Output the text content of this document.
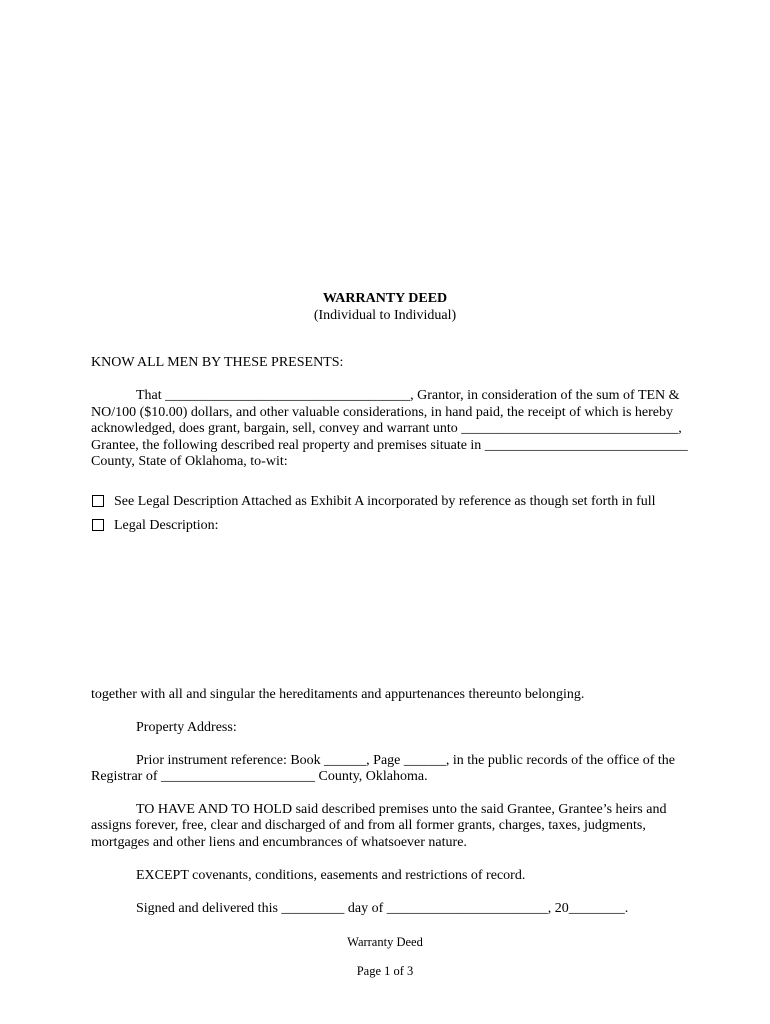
WARRANTY DEED
(Individual to Individual)
KNOW ALL MEN BY THESE PRESENTS:
That ___________________________________, Grantor, in consideration of the sum of TEN &
NO/100 ($10.00) dollars, and other valuable considerations, in hand paid, the receipt of which is hereby
acknowledged, does grant, bargain, sell, convey and warrant unto _______________________________,
Grantee, the following described real property and premises situate in _____________________________
County, State of Oklahoma, to-wit:
See Legal Description Attached as Exhibit A incorporated by reference as though set forth in full
Legal Description:
together with all and singular the hereditaments and appurtenances thereunto belonging.
Property Address:
Prior instrument reference: Book ______, Page ______, in the public records of the office of the
Registrar of ______________________ County, Oklahoma.
TO HAVE AND TO HOLD said described premises unto the said Grantee, Grantee’s heirs and
assigns forever, free, clear and discharged of and from all former grants, charges, taxes, judgments,
mortgages and other liens and encumbrances of whatsoever nature.
EXCEPT covenants, conditions, easements and restrictions of record.
Signed and delivered this _________ day of _______________________, 20________.
Warranty Deed
Page 1 of 3
